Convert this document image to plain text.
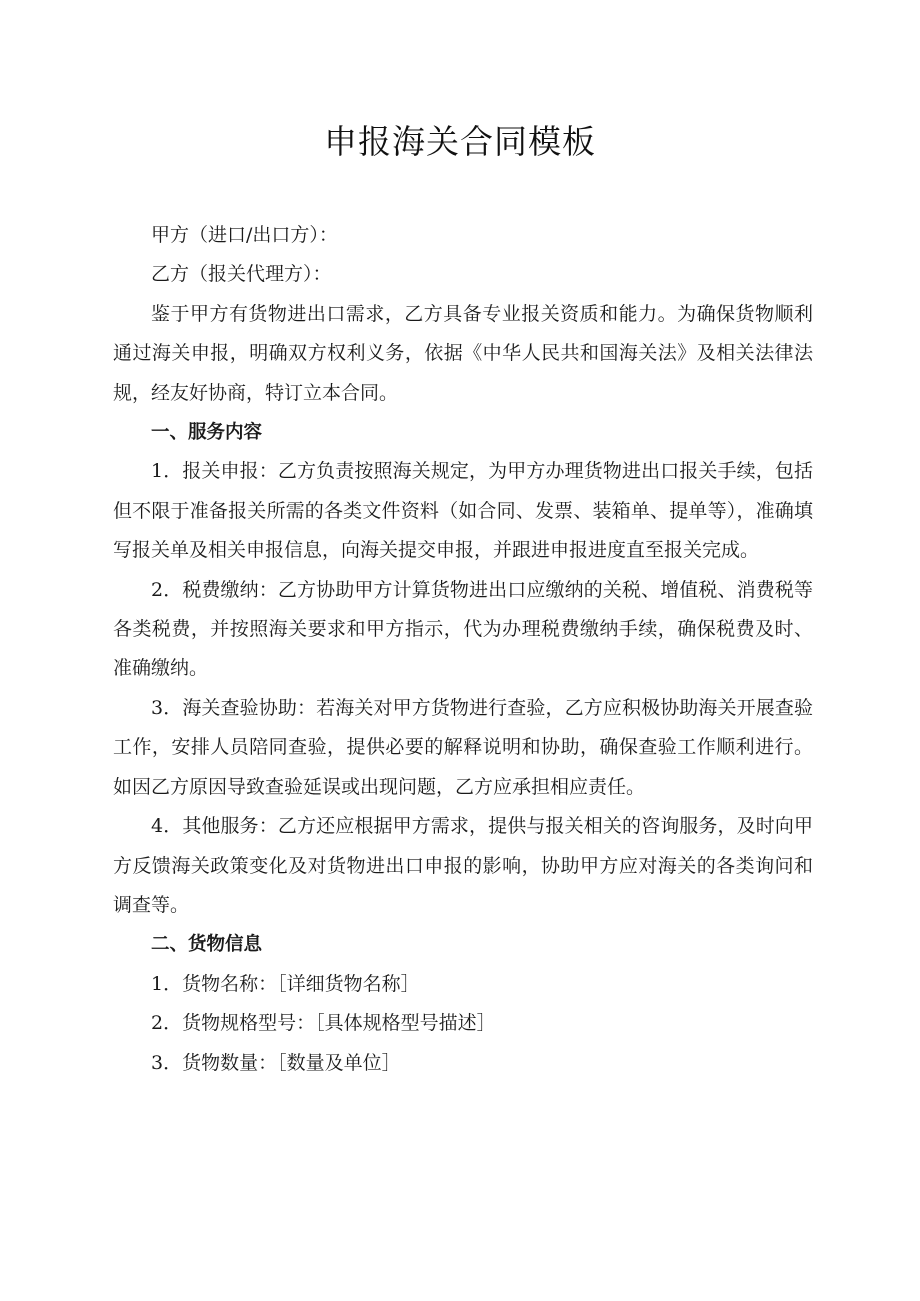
申报海关合同模板

甲方（进口/出口方）：

乙方（报关代理方）：

鉴于甲方有货物进出口需求，乙方具备专业报关资质和能力。为确保货物顺利通过海关申报，明确双方权利义务，依据《中华人民共和国海关法》及相关法律法规，经友好协商，特订立本合同。

一、服务内容

1．报关申报：乙方负责按照海关规定，为甲方办理货物进出口报关手续，包括但不限于准备报关所需的各类文件资料（如合同、发票、装箱单、提单等），准确填写报关单及相关申报信息，向海关提交申报，并跟进申报进度直至报关完成。

2．税费缴纳：乙方协助甲方计算货物进出口应缴纳的关税、增值税、消费税等各类税费，并按照海关要求和甲方指示，代为办理税费缴纳手续，确保税费及时、准确缴纳。

3．海关查验协助：若海关对甲方货物进行查验，乙方应积极协助海关开展查验工作，安排人员陪同查验，提供必要的解释说明和协助，确保查验工作顺利进行。如因乙方原因导致查验延误或出现问题，乙方应承担相应责任。

4．其他服务：乙方还应根据甲方需求，提供与报关相关的咨询服务，及时向甲方反馈海关政策变化及对货物进出口申报的影响，协助甲方应对海关的各类询问和调查等。

二、货物信息

1．货物名称：［详细货物名称］

2．货物规格型号：［具体规格型号描述］

3．货物数量：［数量及单位］
